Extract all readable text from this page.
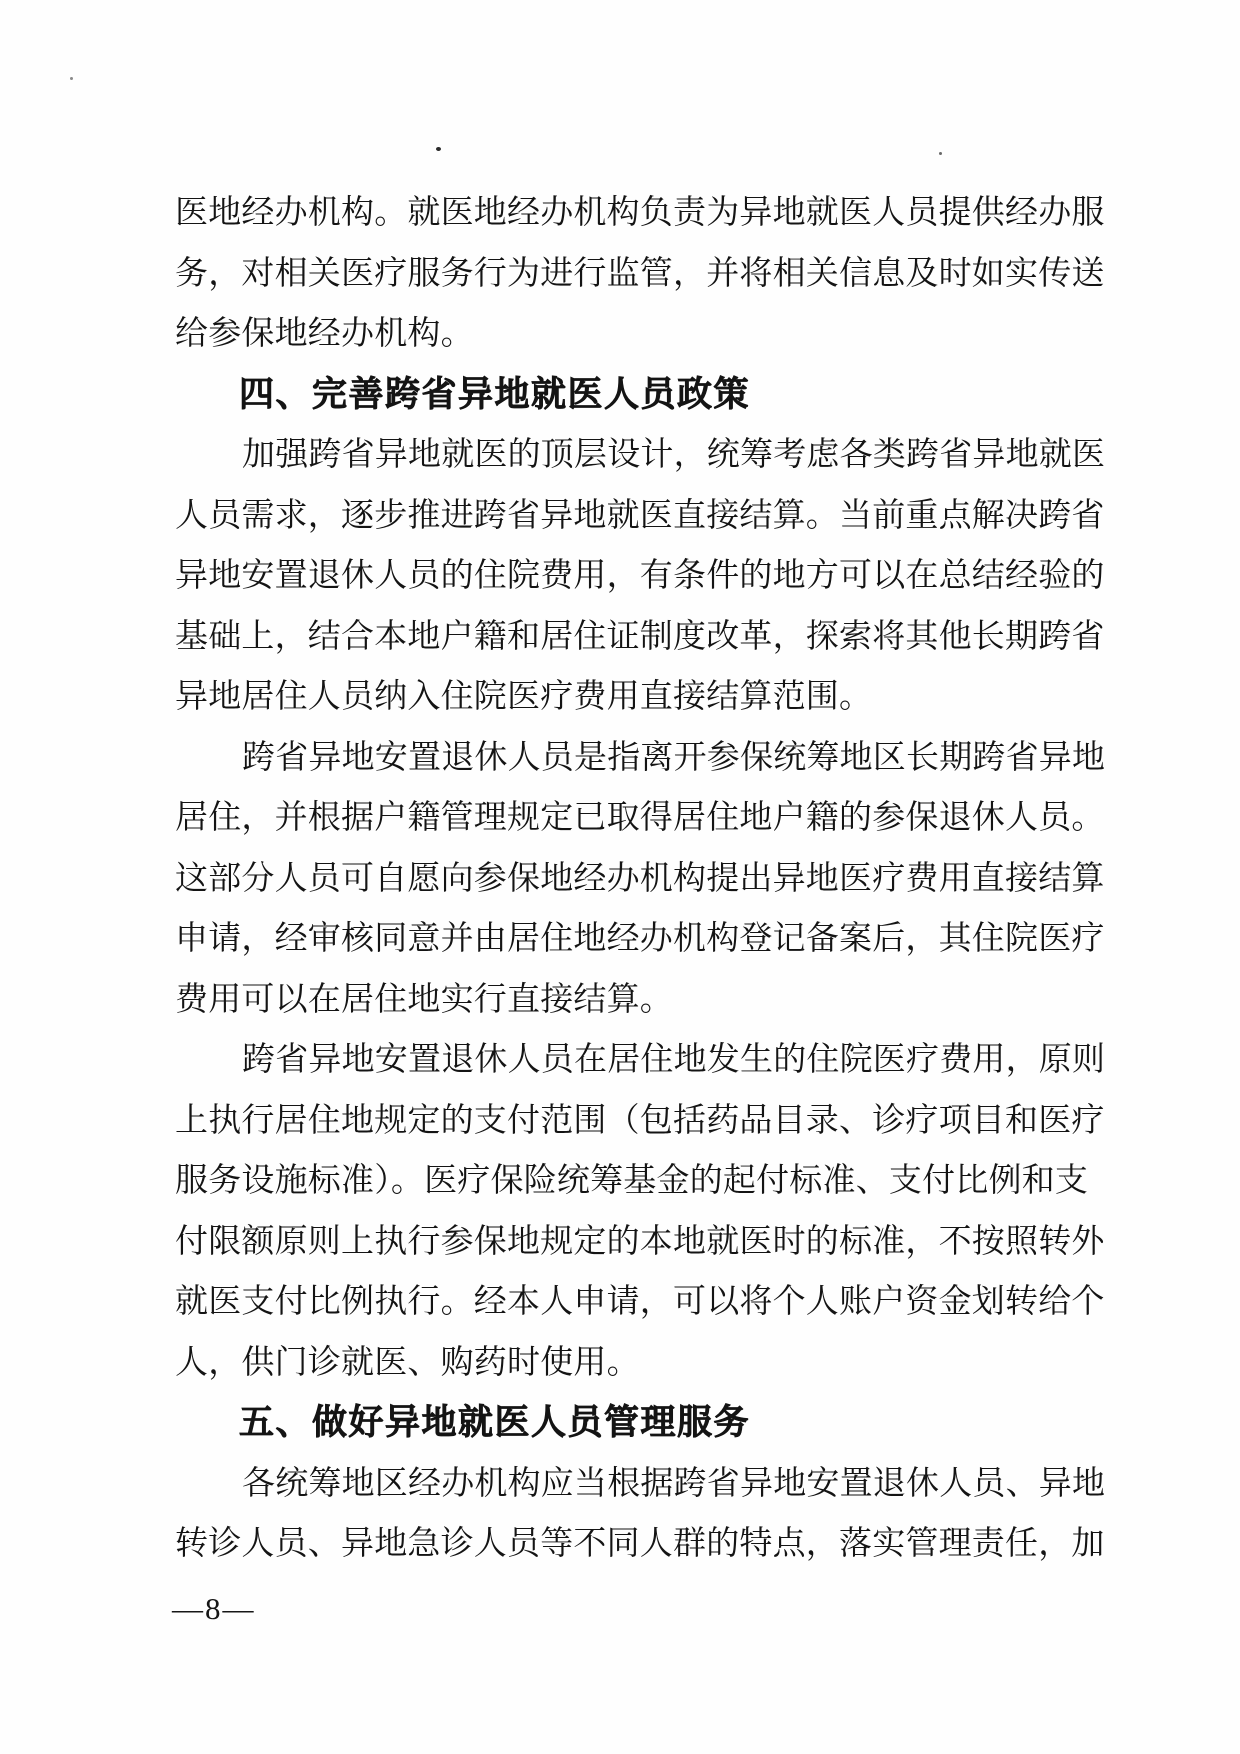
医地经办机构。就医地经办机构负责为异地就医人员提供经办服
务，对相关医疗服务行为进行监管，并将相关信息及时如实传送
给参保地经办机构。
四、完善跨省异地就医人员政策
加强跨省异地就医的顶层设计，统筹考虑各类跨省异地就医
人员需求，逐步推进跨省异地就医直接结算。当前重点解决跨省
异地安置退休人员的住院费用，有条件的地方可以在总结经验的
基础上，结合本地户籍和居住证制度改革，探索将其他长期跨省
异地居住人员纳入住院医疗费用直接结算范围。
跨省异地安置退休人员是指离开参保统筹地区长期跨省异地
居住，并根据户籍管理规定已取得居住地户籍的参保退休人员。
这部分人员可自愿向参保地经办机构提出异地医疗费用直接结算
申请，经审核同意并由居住地经办机构登记备案后，其住院医疗
费用可以在居住地实行直接结算。
跨省异地安置退休人员在居住地发生的住院医疗费用，原则
上执行居住地规定的支付范围（包括药品目录、诊疗项目和医疗
服务设施标准）。医疗保险统筹基金的起付标准、支付比例和支
付限额原则上执行参保地规定的本地就医时的标准，不按照转外
就医支付比例执行。经本人申请，可以将个人账户资金划转给个
人，供门诊就医、购药时使用。
五、做好异地就医人员管理服务
各统筹地区经办机构应当根据跨省异地安置退休人员、异地
转诊人员、异地急诊人员等不同人群的特点，落实管理责任，加
—8—
